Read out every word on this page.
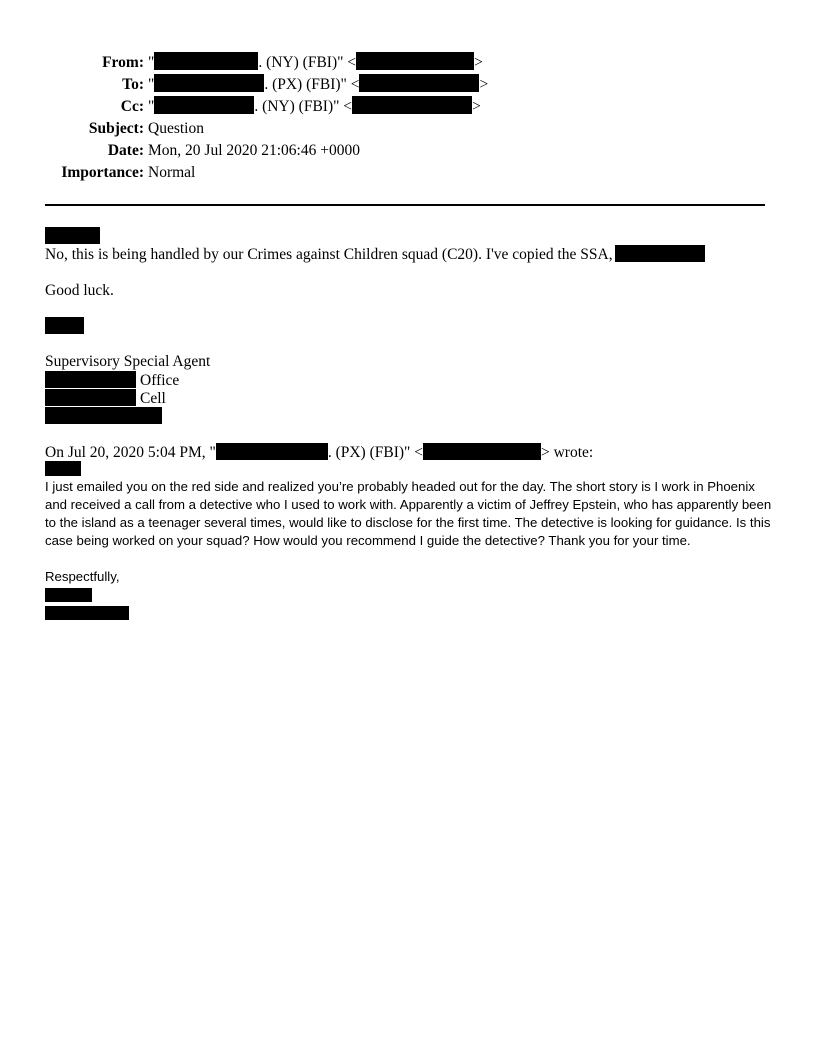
From: "	. (NY) (FBI)" <	>
To: "	. (PX) (FBI)" <	>
Cc: "	. (NY) (FBI)" <	>
Subject: Question
Date: Mon, 20 Jul 2020 21:06:46 +0000
Importance: Normal
No, this is being handled by our Crimes against Children squad (C20). I've copied the SSA,
Good luck.
Supervisory Special Agent
Office
Cell
On Jul 20, 2020 5:04 PM, "	. (PX) (FBI)" <	> wrote:
I just emailed you on the red side and realized you’re probably headed out for the day. The short story is I work in Phoenix and received a call from a detective who I used to work with. Apparently a victim of Jeffrey Epstein, who has apparently been to the island as a teenager several times, would like to disclose for the first time. The detective is looking for guidance. Is this case being worked on your squad? How would you recommend I guide the detective? Thank you for your time.
Respectfully,
